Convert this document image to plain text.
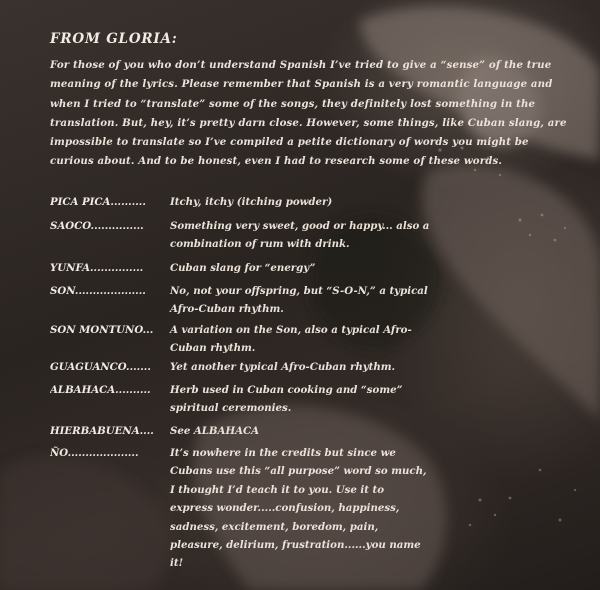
FROM GLORIA:
For those of you who don’t understand Spanish I’ve tried to give a “sense” of the true meaning of the lyrics. Please remember that Spanish is a very romantic language and when I tried to “translate” some of the songs, they definitely lost something in the translation. But, hey, it’s pretty darn close. However, some things, like Cuban slang, are impossible to translate so I’ve compiled a petite dictionary of words you might be curious about. And to be honest, even I had to research some of these words.
PICA PICA..........	Itchy, itchy (itching powder)
SAOCO...............	Something very sweet, good or happy... also a combination of rum with drink.
YUNFA...............	Cuban slang for “energy”
SON....................	No, not your offspring, but “S-O-N,” a typical Afro-Cuban rhythm.
SON MONTUNO...	A variation on the Son, also a typical Afro-Cuban rhythm.
GUAGUANCO.......	Yet another typical Afro-Cuban rhythm.
ALBAHACA..........	Herb used in Cuban cooking and “some” spiritual ceremonies.
HIERBABUENA....	See ALBAHACA
ÑO....................	It’s nowhere in the credits but since we Cubans use this “all purpose” word so much, I thought I’d teach it to you. Use it to express wonder.....confusion, happiness, sadness, excitement, boredom, pain, pleasure, delirium, frustration......you name it!
